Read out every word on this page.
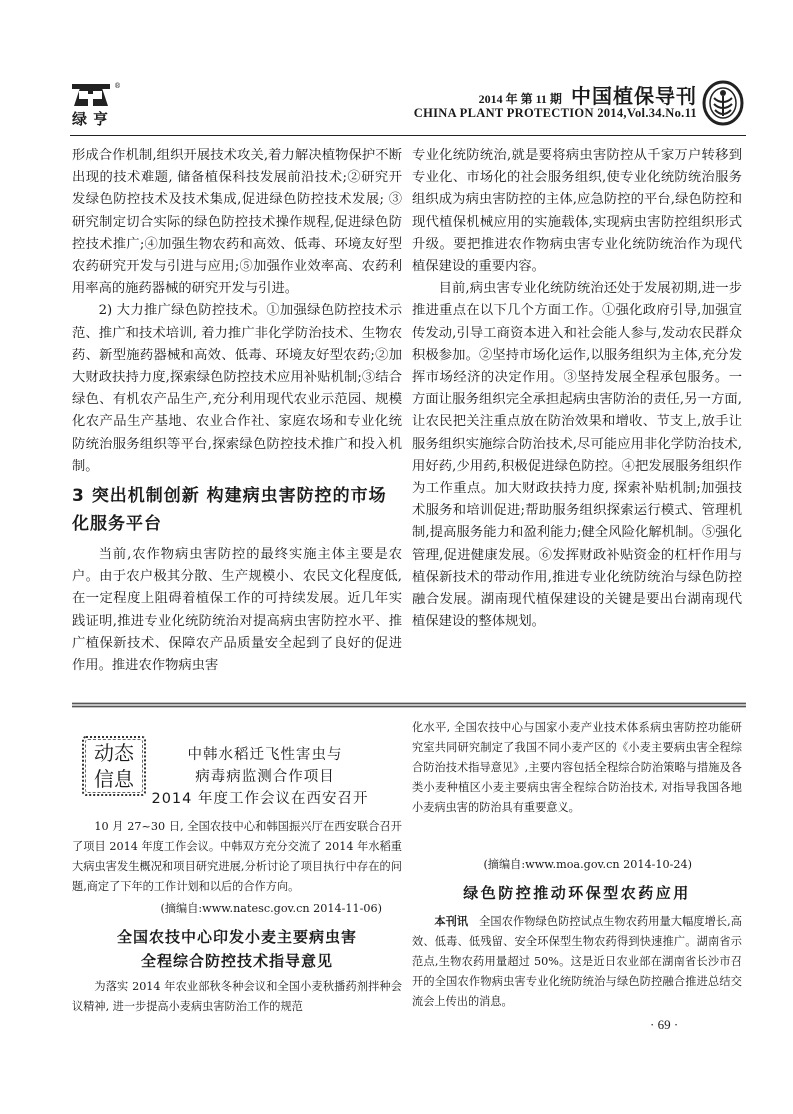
®
绿亨
2014 年 第 11 期 中国植保导刊
CHINA PLANT PROTECTION 2014,Vol.34.No.11

形成合作机制,组织开展技术攻关,着力解决植物保护不断出现的技术难题, 储备植保科技发展前沿技术;②研究开发绿色防控技术及技术集成,促进绿色防控技术发展; ③研究制定切合实际的绿色防控技术操作规程,促进绿色防控技术推广;④加强生物农药和高效、低毒、环境友好型农药研究开发与引进与应用;⑤加强作业效率高、农药利用率高的施药器械的研究开发与引进。

2) 大力推广绿色防控技术。①加强绿色防控技术示范、推广和技术培训, 着力推广非化学防治技术、生物农药、新型施药器械和高效、低毒、环境友好型农药;②加大财政扶持力度,探索绿色防控技术应用补贴机制;③结合绿色、有机农产品生产,充分利用现代农业示范园、规模化农产品生产基地、农业合作社、家庭农场和专业化统防统治服务组织等平台,探索绿色防控技术推广和投入机制。

3 突出机制创新 构建病虫害防控的市场化服务平台

当前,农作物病虫害防控的最终实施主体主要是农户。由于农户极其分散、生产规模小、农民文化程度低,在一定程度上阻碍着植保工作的可持续发展。近几年实践证明,推进专业化统防统治对提高病虫害防控水平、推广植保新技术、保障农产品质量安全起到了良好的促进作用。推进农作物病虫害

专业化统防统治,就是要将病虫害防控从千家万户转移到专业化、市场化的社会服务组织,使专业化统防统治服务组织成为病虫害防控的主体,应急防控的平台,绿色防控和现代植保机械应用的实施载体,实现病虫害防控组织形式升级。要把推进农作物病虫害专业化统防统治作为现代植保建设的重要内容。

目前,病虫害专业化统防统治还处于发展初期,进一步推进重点在以下几个方面工作。①强化政府引导,加强宣传发动,引导工商资本进入和社会能人参与,发动农民群众积极参加。②坚持市场化运作,以服务组织为主体,充分发挥市场经济的决定作用。③坚持发展全程承包服务。一方面让服务组织完全承担起病虫害防治的责任,另一方面,让农民把关注重点放在防治效果和增收、节支上,放手让服务组织实施综合防治技术,尽可能应用非化学防治技术,用好药,少用药,积极促进绿色防控。④把发展服务组织作为工作重点。加大财政扶持力度, 探索补贴机制;加强技术服务和培训促进;帮助服务组织探索运行模式、管理机制,提高服务能力和盈利能力;健全风险化解机制。⑤强化管理,促进健康发展。⑥发挥财政补贴资金的杠杆作用与植保新技术的带动作用,推进专业化统防统治与绿色防控融合发展。湖南现代植保建设的关键是要出台湖南现代植保建设的整体规划。

动态
信息
中韩水稻迁飞性害虫与
病毒病监测合作项目
2014 年度工作会议在西安召开

10 月 27~30 日, 全国农技中心和韩国振兴厅在西安联合召开了项目 2014 年度工作会议。中韩双方充分交流了 2014 年水稻重大病虫害发生概况和项目研究进展,分析讨论了项目执行中存在的问题,商定了下年的工作计划和以后的合作方向。

(摘编自:www.natesc.gov.cn 2014-11-06)

全国农技中心印发小麦主要病虫害
全程综合防控技术指导意见

为落实 2014 年农业部秋冬种会议和全国小麦秋播药剂拌种会议精神, 进一步提高小麦病虫害防治工作的规范

化水平, 全国农技中心与国家小麦产业技术体系病虫害防控功能研究室共同研究制定了我国不同小麦产区的《小麦主要病虫害全程综合防治技术指导意见》,主要内容包括全程综合防治策略与措施及各类小麦种植区小麦主要病虫害全程综合防治技术, 对指导我国各地小麦病虫害的防治具有重要意义。

(摘编自:www.moa.gov.cn 2014-10-24)
绿色防控推动环保型农药应用

本刊讯 全国农作物绿色防控试点生物农药用量大幅度增长,高效、低毒、低残留、安全环保型生物农药得到快速推广。湖南省示范点,生物农药用量超过 50%。这是近日农业部在湖南省长沙市召开的全国农作物病虫害专业化统防统治与绿色防控融合推进总结交流会上传出的消息。

· 69 ·
